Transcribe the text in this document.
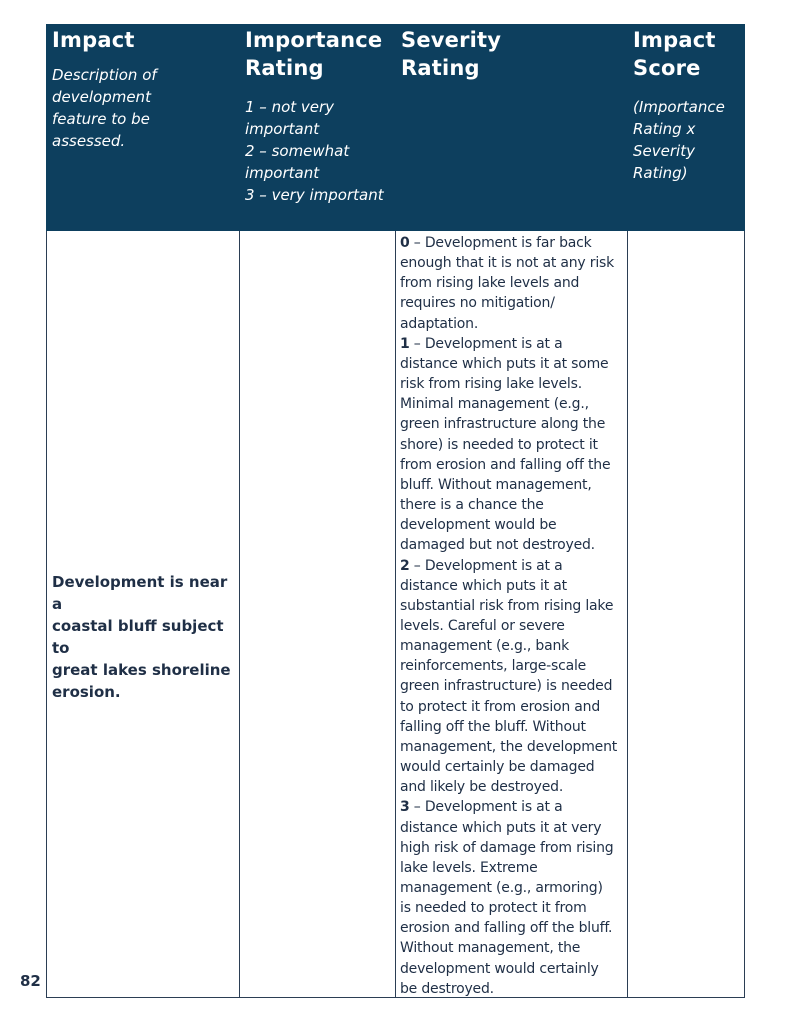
Impact
Description of
development
feature to be
assessed.
Importance
Rating
1 – not very
important
2 – somewhat
important
3 – very important
Severity
Rating
Impact
Score
(Importance
Rating x
Severity
Rating)
Development is near a
coastal bluff subject to
great lakes shoreline
erosion.
0 – Development is far back
enough that it is not at any risk
from rising lake levels and
requires no mitigation/
adaptation.
1 – Development is at a
distance which puts it at some
risk from rising lake levels.
Minimal management (e.g.,
green infrastructure along the
shore) is needed to protect it
from erosion and falling off the
bluff. Without management,
there is a chance the
development would be
damaged but not destroyed.
2 – Development is at a
distance which puts it at
substantial risk from rising lake
levels. Careful or severe
management (e.g., bank
reinforcements, large-scale
green infrastructure) is needed
to protect it from erosion and
falling off the bluff. Without
management, the development
would certainly be damaged
and likely be destroyed.
3 – Development is at a
distance which puts it at very
high risk of damage from rising
lake levels. Extreme
management (e.g., armoring)
is needed to protect it from
erosion and falling off the bluff.
Without management, the
development would certainly
be destroyed.
82
